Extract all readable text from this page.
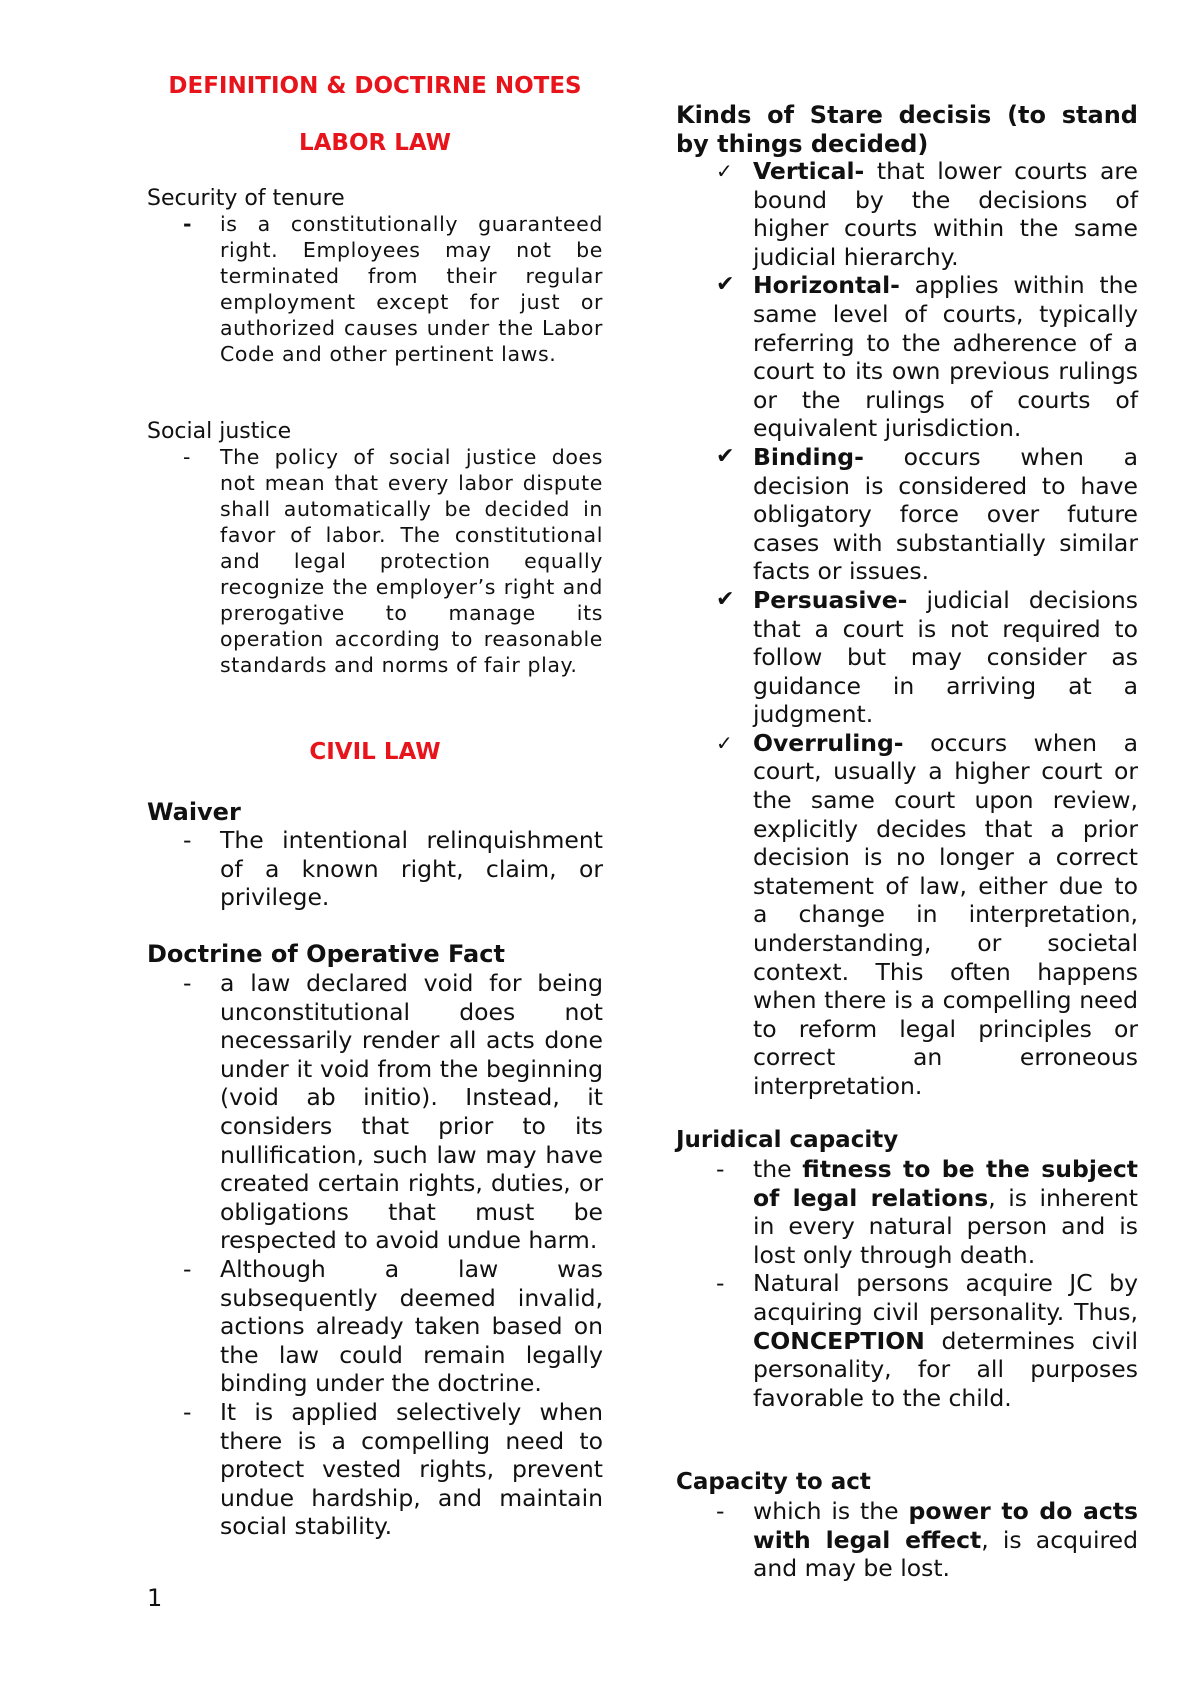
DEFINITION & DOCTIRNE NOTES
LABOR LAW
Security of tenure
- is a constitutionally guaranteed right. Employees may not be terminated from their regular employment except for just or authorized causes under the Labor Code and other pertinent laws.
Social justice
- The policy of social justice does not mean that every labor dispute shall automatically be decided in favor of labor. The constitutional and legal protection equally recognize the employer’s right and prerogative to manage its operation according to reasonable standards and norms of fair play.
CIVIL LAW
Waiver
- The intentional relinquishment of a known right, claim, or privilege.
Doctrine of Operative Fact
- a law declared void for being unconstitutional does not necessarily render all acts done under it void from the beginning (void ab initio). Instead, it considers that prior to its nullification, such law may have created certain rights, duties, or obligations that must be respected to avoid undue harm.
- Although a law was subsequently deemed invalid, actions already taken based on the law could remain legally binding under the doctrine.
- It is applied selectively when there is a compelling need to protect vested rights, prevent undue hardship, and maintain social stability.
Kinds of Stare decisis (to stand by things decided)
✓ Vertical- that lower courts are bound by the decisions of higher courts within the same judicial hierarchy.
✔ Horizontal- applies within the same level of courts, typically referring to the adherence of a court to its own previous rulings or the rulings of courts of equivalent jurisdiction.
✔ Binding- occurs when a decision is considered to have obligatory force over future cases with substantially similar facts or issues.
✔ Persuasive- judicial decisions that a court is not required to follow but may consider as guidance in arriving at a judgment.
✓ Overruling- occurs when a court, usually a higher court or the same court upon review, explicitly decides that a prior decision is no longer a correct statement of law, either due to a change in interpretation, understanding, or societal context. This often happens when there is a compelling need to reform legal principles or correct an erroneous interpretation.
Juridical capacity
- the fitness to be the subject of legal relations, is inherent in every natural person and is lost only through death.
- Natural persons acquire JC by acquiring civil personality. Thus, CONCEPTION determines civil personality, for all purposes favorable to the child.
Capacity to act
- which is the power to do acts with legal effect, is acquired and may be lost.
1
